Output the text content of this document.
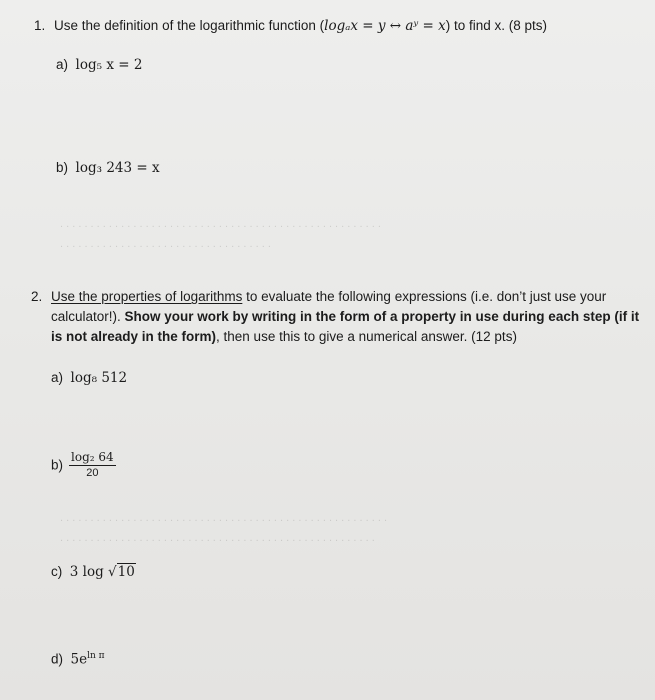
. . . . . . . . . . . . . . . . . . . . . . . . . . . . . . . . . . . . . . . . . . . . . . . . . . . . .
. . . . . . . . . . . . . . . . . . . . . . . . . . . . . . . . . . .
. . . . . . . . . . . . . . . . . . . . . . . . . . . . . . . . . . . . . . . . . . . . . . . . . . . . . .
. . . . . . . . . . . . . . . . . . . . . . . . . . . . . . . . . . . . . . . . . . . . . . . . . . . .
1. Use the definition of the logarithmic function (logₐx = y ↔ aʸ = x) to find x. (8 pts)
a) log₅ x = 2
b) log₃ 243 = x
2. Use the properties of logarithms to evaluate the following expressions (i.e. don’t just use your
calculator!). Show your work by writing in the form of a property in use during each step (if it
is not already in the form), then use this to give a numerical answer. (12 pts)
a) log₈ 512
$b) \frac{\text{log₂ 64}}{20}$
c) 3 log √10
d) $5e^{ln \pi}$
